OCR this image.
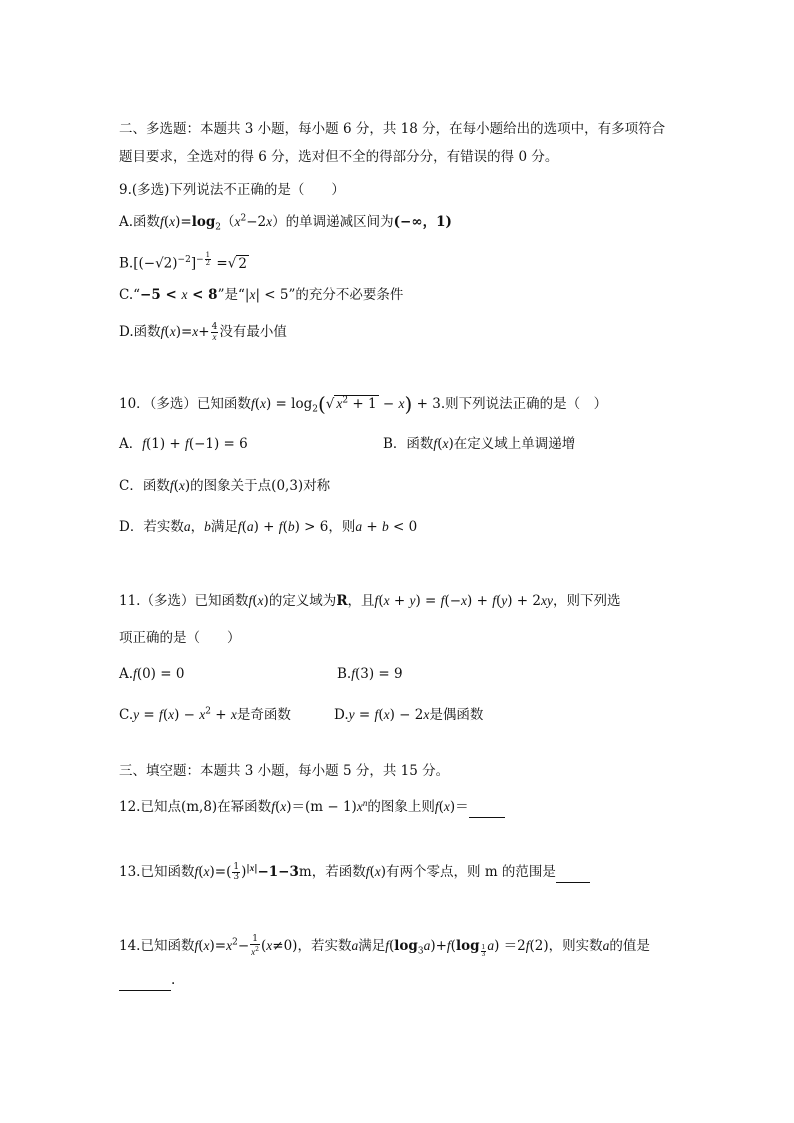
二、多选题：本题共 3 小题，每小题 6 分，共 18 分，在每小题给出的选项中，有多项符合
题目要求，全选对的得 6 分，选对但不全的得部分分，有错误的得 0 分。
9.(多选)下列说法不正确的是（　　）
A.函数$f(x)=\log_2(x^2-2x)$的单调递减区间为(−∞，1)
$B.[(-√2)^{-2}]^{- \frac{1}{2}}$ =√ 2
C.“−5 < x < 8”是“|x| < 5”的充分不必要条件
D.函数$f(x)=x+ \frac{4}{x}$ 没有最小值
10．（多选）已知函数$f(x) = \log_2(√$ $x^2 + 1 - x) + 3$.则下列说法正确的是（　）
A．f(1) + f(−1) = 6	B．函数f(x)在定义域上单调递增
C．函数f(x)的图象关于点(0,3)对称
D．若实数a，b满足f(a) + f(b) > 6，则a + b < 0
11.（多选）已知函数f(x)的定义域为R，且f(x + y) = f(−x) + f(y) + 2xy，则下列选
项正确的是（　　）
A.f(0) = 0	B.f(3) = 9
$C.y = f(x) - x^2 + x$是奇函数	D.y = f(x) − 2x是偶函数
三、填空题：本题共 3 小题，每小题 5 分，共 15 分。
12.已知点(m,8)在幂函数$f(x)=(m - 1)x^n$的图象上则f(x)＝
13.已知函数$f(x)=( \frac{1}{3} )^{|x|}-1-3m$，若函数f(x)有两个零点，则 m 的范围是
14.已知函数$f(x)=x^2- \frac{1}{x^2} (x\ne 0)$，若实数a满足$f(\log_3a)+f(\log$ $_{\frac{1}{3}}$ a) ＝2f(2)，则实数a的值是
.
